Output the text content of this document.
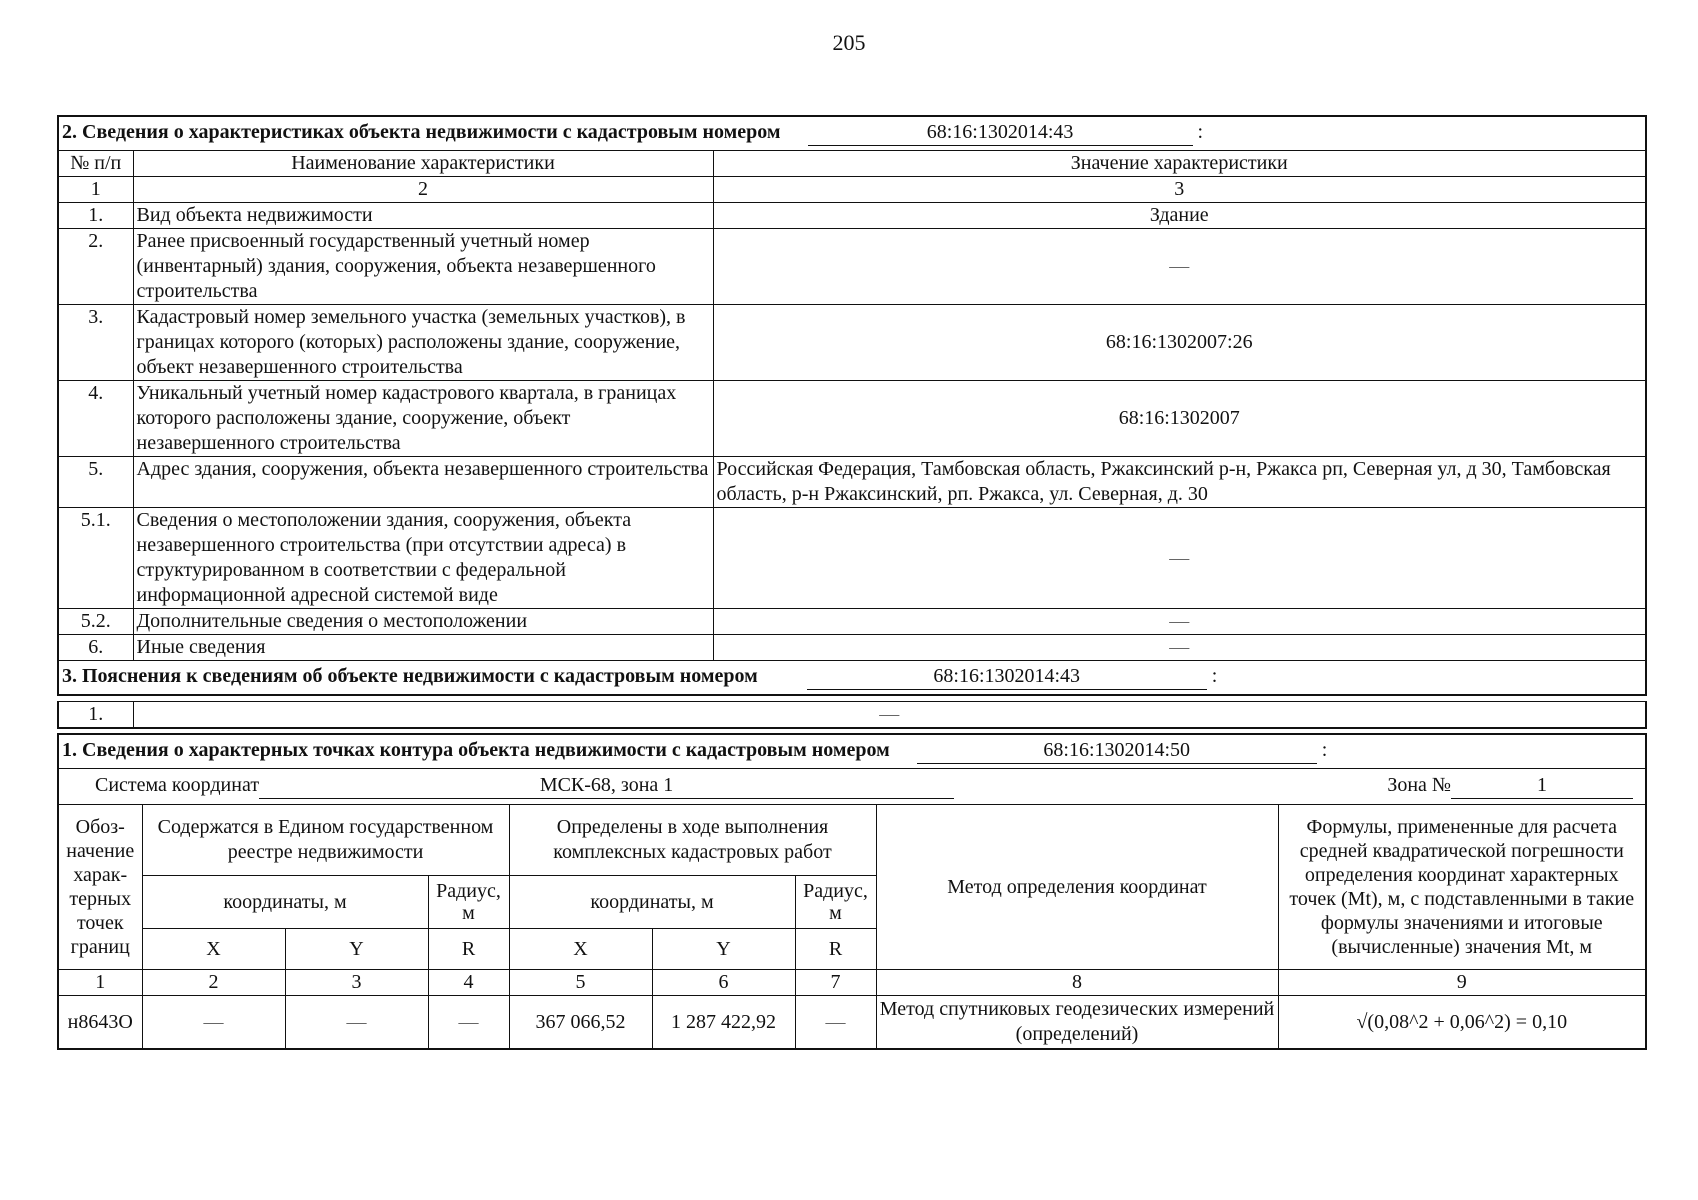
205
2. Сведения о характеристиках объекта недвижимости с кадастровым номером 68:16:1302014:43 :		
№ п/п	Наименование характеристики	Значение характеристики
1	2	3
1.	Вид объекта недвижимости	Здание
2.	Ранее присвоенный государственный учетный номер (инвентарный) здания, сооружения, объекта незавершенного строительства	—
3.	Кадастровый номер земельного участка (земельных участков), в границах которого (которых) расположены здание, сооружение, объект незавершенного строительства	68:16:1302007:26
4.	Уникальный учетный номер кадастрового квартала, в границах которого расположены здание, сооружение, объект незавершенного строительства	68:16:1302007
5.	Адрес здания, сооружения, объекта незавершенного строительства	Российская Федерация, Тамбовская область, Ржаксинский р-н, Ржакса рп, Северная ул, д 30, Тамбовская область, р-н Ржаксинский, рп. Ржакса, ул. Северная, д. 30
5.1.	Сведения о местоположении здания, сооружения, объекта незавершенного строительства (при отсутствии адреса) в структурированном в соответствии с федеральной информационной адресной системой виде	—
5.2.	Дополнительные сведения о местоположении	—
6.	Иные сведения	—
3. Пояснения к сведениям об объекте недвижимости с кадастровым номером 68:16:1302014:43 :		
1.	—
1. Сведения о характерных точках контура объекта недвижимости с кадастровым номером 68:16:1302014:50 :								
Система координат МСК-68, зона 1 Зона № 1								

Обоз-начение харак-терных точек границ	Содержатся в Едином государственном реестре недвижимости			Определены в ходе выполнения комплексных кадастровых работ			Метод определения координат	Формулы, примененные для расчета средней квадратической погрешности определения координат характерных точек (Mt), м, с подставленными в такие формулы значениями и итоговые (вычисленные) значения Mt, м
	координаты, м		Радиус, м	координаты, м		Радиус, м		
	X	Y	R	X	Y	R		
1	2	3	4	5	6	7	8	9
н8643О	—	—	—	367 066,52	1 287 422,92	—	Метод спутниковых геодезических измерений (определений)	√(0,08^2 + 0,06^2) = 0,10
